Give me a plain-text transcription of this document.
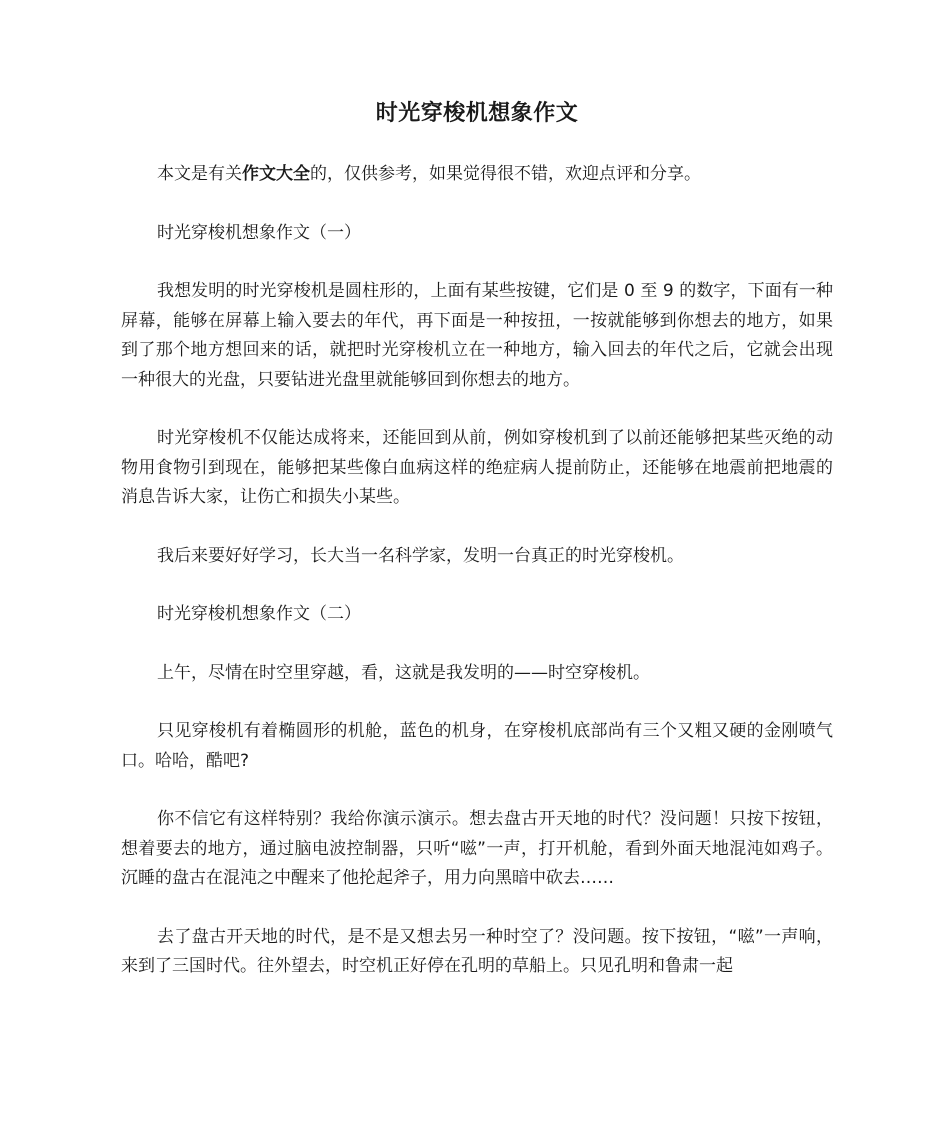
时光穿梭机想象作文

本文是有关作文大全的，仅供参考，如果觉得很不错，欢迎点评和分享。

时光穿梭机想象作文（一）

我想发明的时光穿梭机是圆柱形的，上面有某些按键，它们是 0 至 9 的数字，下面有一种屏幕，能够在屏幕上输入要去的年代，再下面是一种按扭，一按就能够到你想去的地方，如果到了那个地方想回来的话，就把时光穿梭机立在一种地方，输入回去的年代之后，它就会出现一种很大的光盘，只要钻进光盘里就能够回到你想去的地方。

时光穿梭机不仅能达成将来，还能回到从前，例如穿梭机到了以前还能够把某些灭绝的动物用食物引到现在，能够把某些像白血病这样的绝症病人提前防止，还能够在地震前把地震的消息告诉大家，让伤亡和损失小某些。

我后来要好好学习，长大当一名科学家，发明一台真正的时光穿梭机。

时光穿梭机想象作文（二）

上午，尽情在时空里穿越，看，这就是我发明的——时空穿梭机。

只见穿梭机有着椭圆形的机舱，蓝色的机身，在穿梭机底部尚有三个又粗又硬的金刚喷气口。哈哈，酷吧?

你不信它有这样特别？我给你演示演示。想去盘古开天地的时代？没问题！只按下按钮，想着要去的地方，通过脑电波控制器，只听“嗞”一声，打开机舱，看到外面天地混沌如鸡子。沉睡的盘古在混沌之中醒来了他抡起斧子，用力向黑暗中砍去……

去了盘古开天地的时代，是不是又想去另一种时空了？没问题。按下按钮，“嗞”一声响，来到了三国时代。往外望去，时空机正好停在孔明的草船上。只见孔明和鲁肃一起
